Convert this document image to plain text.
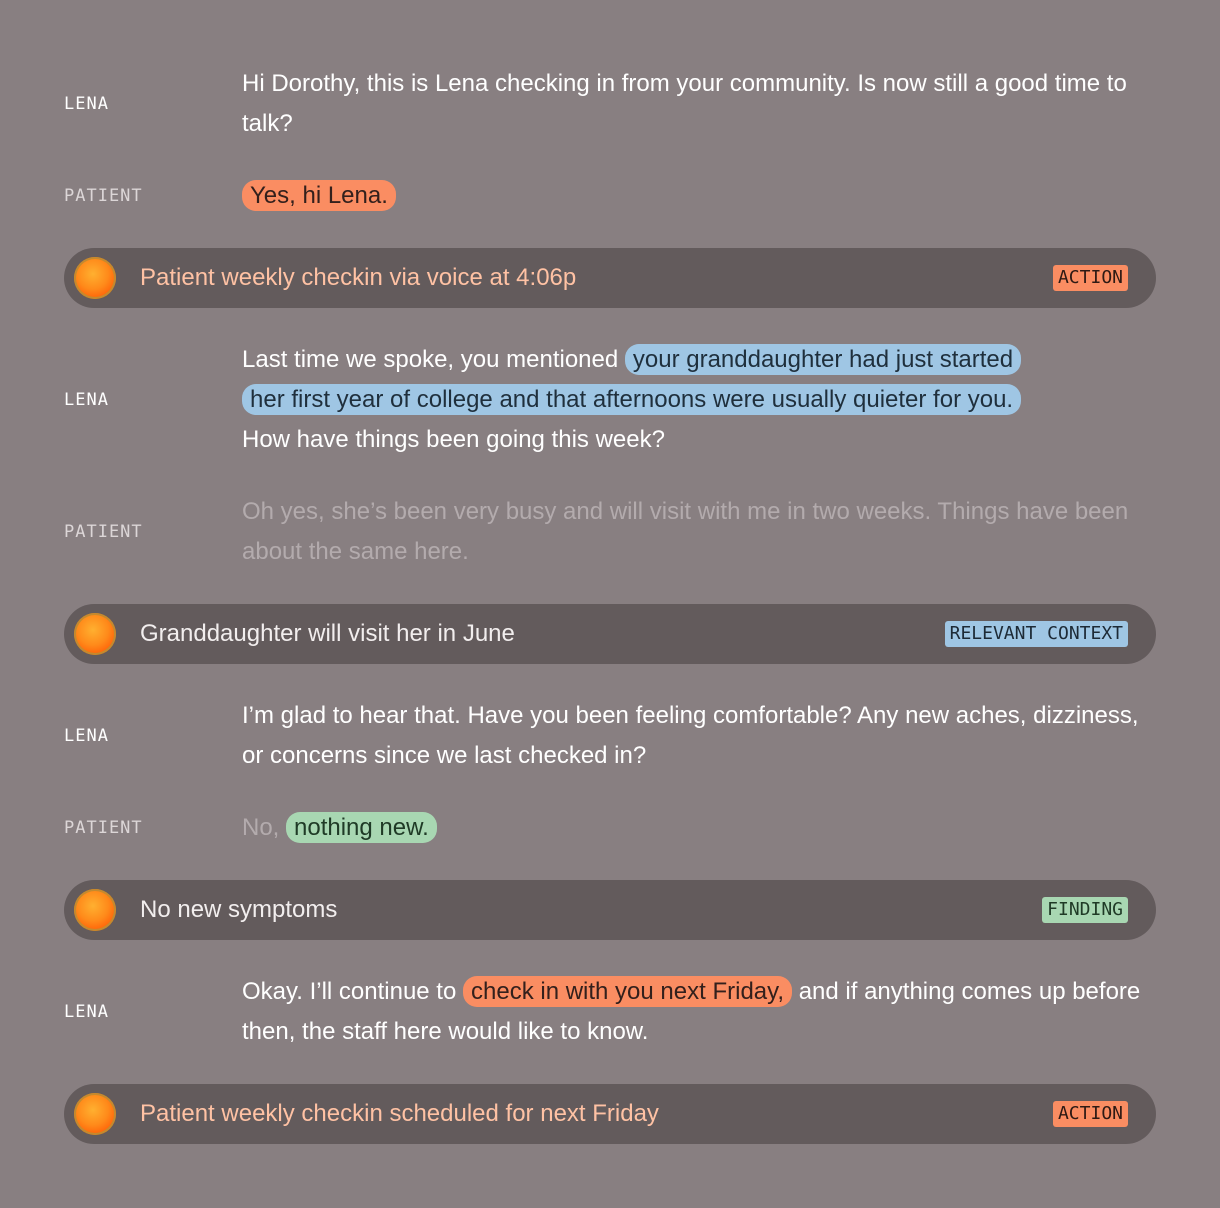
LENA
Hi Dorothy, this is Lena checking in from your community. Is now still a good time to talk?
PATIENT	Yes, hi Lena.
Patient weekly checkin via voice at 4:06p	ACTION
LENA
Last time we spoke, you mentioned your granddaughter had just started
her first year of college and that afternoons were usually quieter for you.
How have things been going this week?
PATIENT
Oh yes, she’s been very busy and will visit with me in two weeks. Things have been about the same here.
Granddaughter will visit her in June	RELEVANT CONTEXT
LENA
I’m glad to hear that. Have you been feeling comfortable? Any new aches, dizziness, or concerns since we last checked in?
PATIENT	No, nothing new.
No new symptoms	FINDING
LENA
Okay. I’ll continue to check in with you next Friday, and if anything comes up before then, the staff here would like to know.
Patient weekly checkin scheduled for next Friday	ACTION
